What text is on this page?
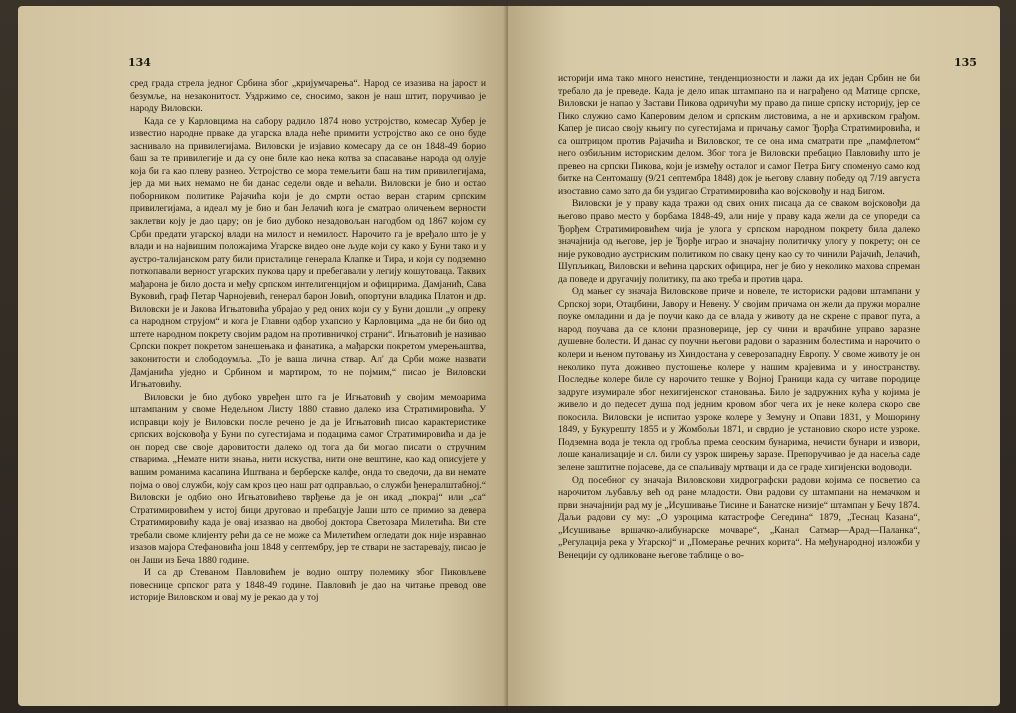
134

сред града стрела једног Србина због „кријумчарења“. Народ се изазива на јарост и безумље, на незаконитост. Уздржимо се, сносимо, закон је наш штит, поручиваo је народу Виловски.

Када се у Карловцима на сабору радило 1874 ново устројство, комесар Хубер је известио народне прваке да угарска влада неће примити устројство ако се оно буде заснивало на привилегијама. Виловски је изјавио комесару да се он 1848-49 борио баш за те привилегије и да су оне биле као нека котва за спасавање народа од олује која би га као плеву разнео. Устројство се мора темељити баш на тим привилегијама, јер да ми њих немамо не би данас седели овде и већали. Виловски је био и остао поборником политике Рајачића који је до смрти остао веран старим српским привилегијама, а идеал му је био и бан Јелачић кога је сматрао оличењем верности заклетви коју је дао цару; он је био дубоко незадовољан нагодбом од 1867 којом су Срби предати угарској влади на милост и немилост. Нарочито га је вређало што је у влади и на највишим положајима Угарске видео оне људе који су како у Буни тако и у аустро-талијанском рату били присталице генерала Клапке и Тира, и који су подземно поткопавали верност угарских пукова цару и пребегавали у легију кошутоваца. Таквих мађарона је било доста и међу српском интелигенцијом и официрима. Дамјанић, Сава Вуковић, граф Петар Чарнојевић, генерал барон Јовић, опортуни владика Платон и др. Виловски је и Јакова Игњатовића убрајао у ред оних који су у Буни дошли „у опреку са народном струјом“ и кога је Главни одбор ухапсио у Карловцима „да не би био од штете народном покрету својим радом на противничкој страни“. Игњатовић је називао Српски покрет покретом занешењака и фанатика, а мађарски покретом умерењаштва, законитости и слободоумља. „То је ваша лична ствар. Ал' да Срби може назвати Дамјанића уједно и Србином и мартиром, то не појмим,“ писао је Виловски Игњатовићу.

Виловски је био дубоко увређен што га је Игњатовић у својим мемоарима штампаним у своме Недељном Листу 1880 ставио далеко иза Стратимировића. У исправци коју је Виловски после речено је да је Игњатовић писао карактеристике српских војсковођа у Буни по сугестијама и подацима самог Стратимировића и да је он поред све своје даровитости далеко од тога да би могао писати о стручним стварима. „Немате нити знања, нити искуства, нити оне вештине, као кад описујете у вашим романима касапина Иштвана и берберске калфе, онда то сведочи, да ви немате појма о овој служби, коју сам кроз цео наш рат одправљао, о служби ђенералштабној.“ Виловски је одбио оно Игњатовићево тврђење да је он икад „покрај“ или „са“ Стратимировићем у истој бици друговао и пребацује Јаши што се примио за девера Стратимировићу када је овај изазвао на двобој доктора Светозара Милетића. Ви сте требали своме клијенту рећи да се не може са Милетићем огледати док није изравнао изазов мајора Стефановића још 1848 у септембру, јер те ствари не застаревају, писао је он Јаши из Беча 1880 године.

И са др Стеваном Павловићем је водио оштру полемику због Пиковљеве повеснице српског рата у 1848-49 године. Павловић је дао на читање превод ове историје Виловском и овај му је рекао да у тој

135

историји има тако много неистине, тенденциозности и лажи да их један Србин не би требало да је преведе. Када је дело ипак штампано па и награђено од Матице српске, Виловски је напао у Застави Пикова одричући му право да пише српску историју, јер се Пико служио само Каперовим делом и српским листовима, а не и архивском грађом. Капер је писао своју књигу по сугестијама и причању самог Ђорђа Стратимировића, и са оштрицом против Рајачића и Виловског, те се она има сматрати пре „памфлетом“ него озбиљним историским делом. Због тога је Виловски пребацио Павловићу што је превео на српски Пикова, који је између осталог и самог Петра Бигу споменуо само код битке на Сентомашу (9/21 септембра 1848) док је његову славну победу од 7/19 августа изоставио само зато да би уздигао Стратимировића као војсковођу и над Бигом.

Виловски је у праву када тражи од свих оних писаца да се сваком војсковођи да његово право место у борбама 1848-49, али није у праву када жели да се упореди са Ђорђем Стратимировићем чија је улога у српском народном покрету била далеко значајнија од његове, јер је Ђорђе играо и значајну политичку улогу у покрету; он се није руководио аустриским политиком по сваку цену као су то чинили Рајачић, Јелачић, Шупљикац, Виловски и већина царских официра, нег је био у неколико махова спреман да поведе и другачију политику, па ако треба и против цара.

Од мањег су значаја Виловскове приче и новеле, те историски радови штампани у Српској зори, Отаџбини, Јавору и Невену. У својим причама он жели да пружи моралне поуке омладини и да је поучи како да се влада у животу да не скрене с правог пута, а народ поучава да се клони празноверице, јер су чини и врачбине управо заразне душевне болести. И данас су поучни његови радови о заразним болестима и нарочито о колери и њеном путовању из Хиндостана у северозападну Европу. У своме животу је он неколико пута доживео пустошење колере у нашим крајевима и у иностранству. Последње колере биле су нарочито тешке у Војној Граници када су читаве породице задруге изумирале због нехигијенског становања. Било је задружних кућа у којима је живело и до педесет душа под једним кровом због чега их је неке колера скоро све покосила. Виловски је испитао узроке колере у Земуну и Опави 1831, у Мошорину 1849, у Букурешту 1855 и у Жомбољи 1871, и сврдио је установио скоро исте узроке. Подземна вода је текла од гробља према сеоским бунарима, нечисти бунари и извори, лоше канализације и сл. били су узрок ширењу заразе. Препоручиваo је да насеља саде зелене заштитне појасеве, да се спаљивају мртваци и да се граде хигијенски водоводи.

Од посебног су значаја Виловскови хидрографски радови којима се посветио са нарочитом љубављу већ од ране младости. Ови радови су штампани на немачком и први значајнији рад му је „Исушивање Тисине и Банатске низије“ штампан у Бечу 1874. Даљи радови су му: „О узроцима катастрофе Сегедина“ 1879, „Теснац Казана“, „Исушивање вршачко-алибунарске мочваре“, „Канал Сатмар—Арад—Паланка“, „Регулација река у Угарској“ и „Померање речних корита“. На међународној изложби у Венецији су одликоване његове таблице о во-
